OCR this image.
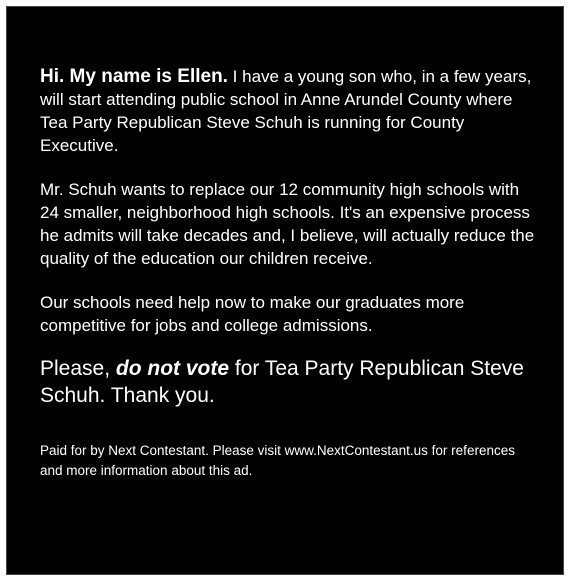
Hi. My name is Ellen. I have a young son who, in a few years, will start attending public school in Anne Arundel County where Tea Party Republican Steve Schuh is running for County Executive.

Mr. Schuh wants to replace our 12 community high schools with 24 smaller, neighborhood high schools. It's an expensive process he admits will take decades and, I believe, will actually reduce the quality of the education our children receive.

Our schools need help now to make our graduates more competitive for jobs and college admissions.

Please, do not vote for Tea Party Republican Steve Schuh. Thank you.

Paid for by Next Contestant. Please visit www.NextContestant.us for references and more information about this ad.
